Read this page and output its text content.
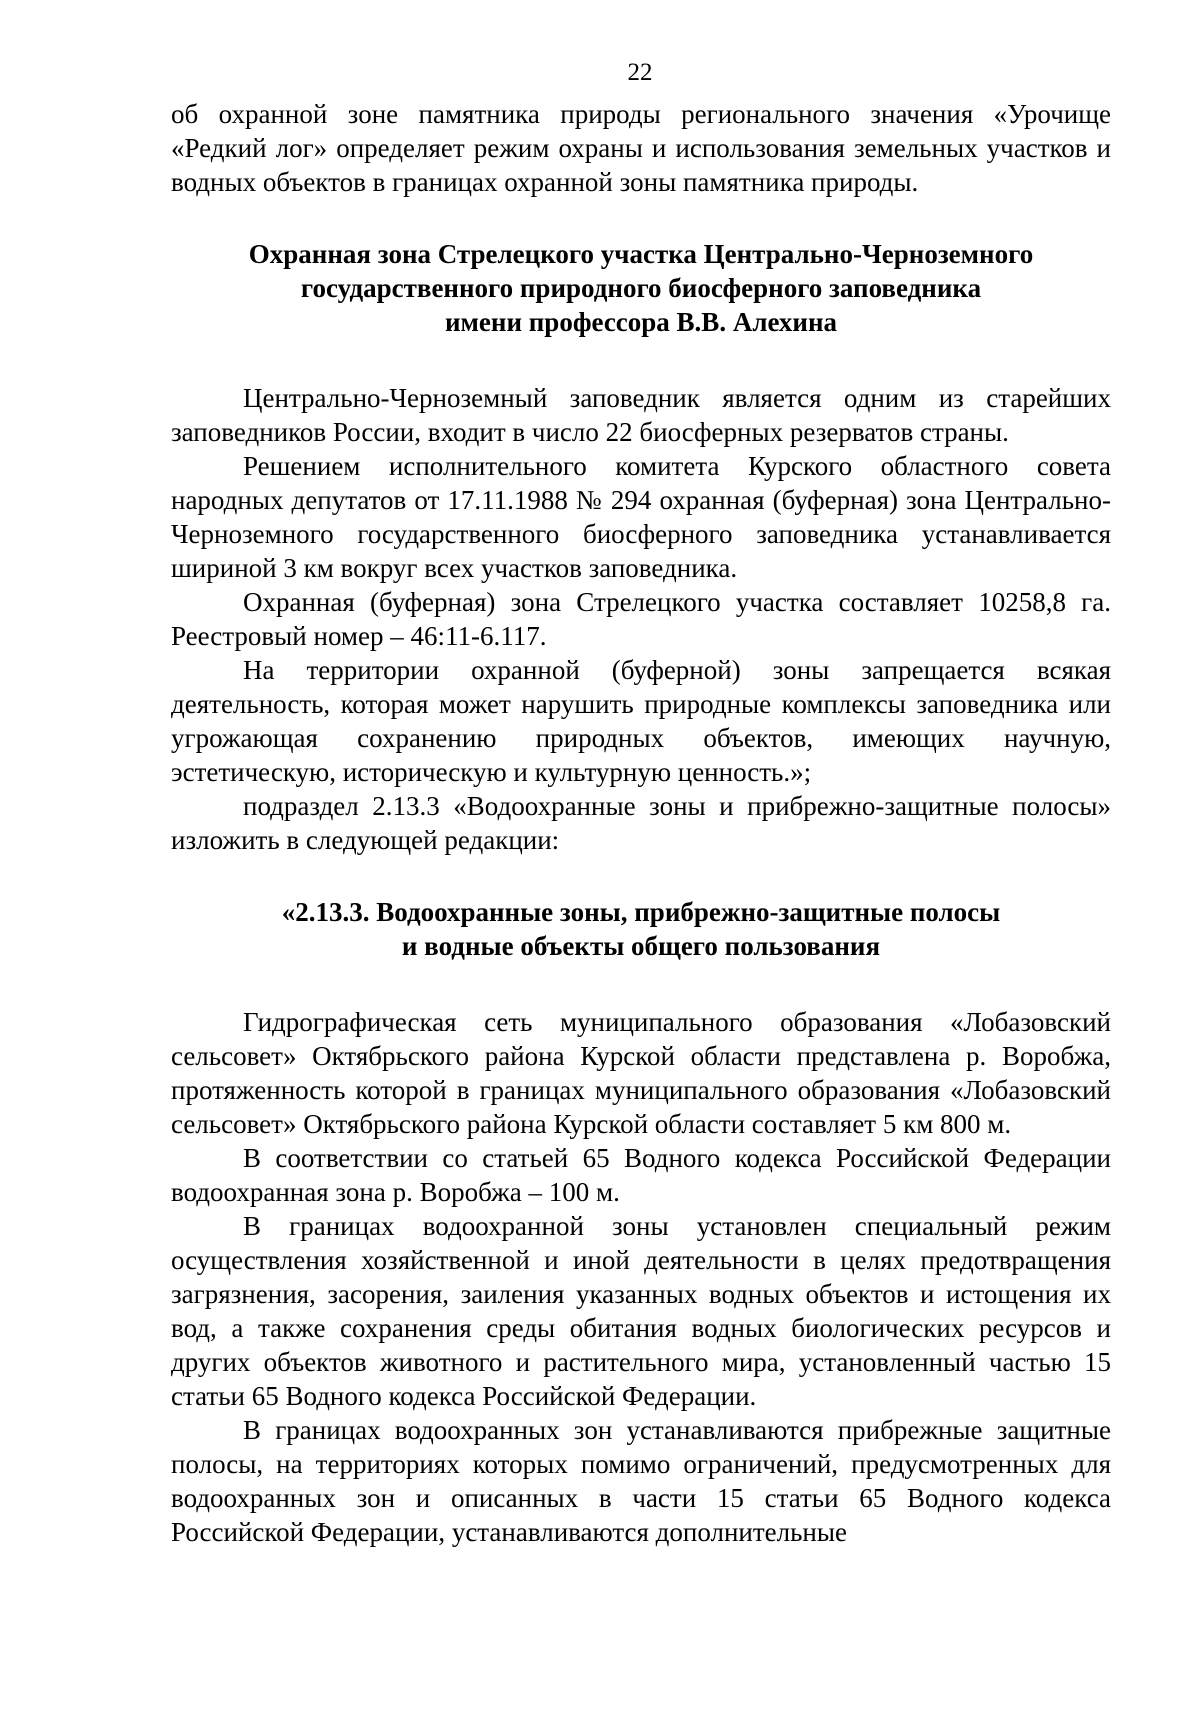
22

об охранной зоне памятника природы регионального значения «Урочище «Редкий лог» определяет режим охраны и использования земельных участков и водных объектов в границах охранной зоны памятника природы.

Охранная зона Стрелецкого участка Центрально-Черноземного
государственного природного биосферного заповедника
имени профессора В.В. Алехина

Центрально-Черноземный заповедник является одним из старейших заповедников России, входит в число 22 биосферных резерватов страны.

Решением исполнительного комитета Курского областного совета народных депутатов от 17.11.1988 № 294 охранная (буферная) зона Центрально-Черноземного государственного биосферного заповедника устанавливается шириной 3 км вокруг всех участков заповедника.

Охранная (буферная) зона Стрелецкого участка составляет 10258,8 га. Реестровый номер – 46:11-6.117.

На территории охранной (буферной) зоны запрещается всякая деятельность, которая может нарушить природные комплексы заповедника или угрожающая сохранению природных объектов, имеющих научную, эстетическую, историческую и культурную ценность.»;

подраздел 2.13.3 «Водоохранные зоны и прибрежно-защитные полосы» изложить в следующей редакции:

«2.13.3. Водоохранные зоны, прибрежно-защитные полосы
и водные объекты общего пользования

Гидрографическая сеть муниципального образования «Лобазовский сельсовет» Октябрьского района Курской области представлена р. Воробжа, протяженность которой в границах муниципального образования «Лобазовский сельсовет» Октябрьского района Курской области составляет 5 км 800 м.

В соответствии со статьей 65 Водного кодекса Российской Федерации водоохранная зона р. Воробжа – 100 м.

В границах водоохранной зоны установлен специальный режим осуществления хозяйственной и иной деятельности в целях предотвращения загрязнения, засорения, заиления указанных водных объектов и истощения их вод, а также сохранения среды обитания водных биологических ресурсов и других объектов животного и растительного мира, установленный частью 15 статьи 65 Водного кодекса Российской Федерации.

В границах водоохранных зон устанавливаются прибрежные защитные полосы, на территориях которых помимо ограничений, предусмотренных для водоохранных зон и описанных в части 15 статьи 65 Водного кодекса Российской Федерации, устанавливаются дополнительные
